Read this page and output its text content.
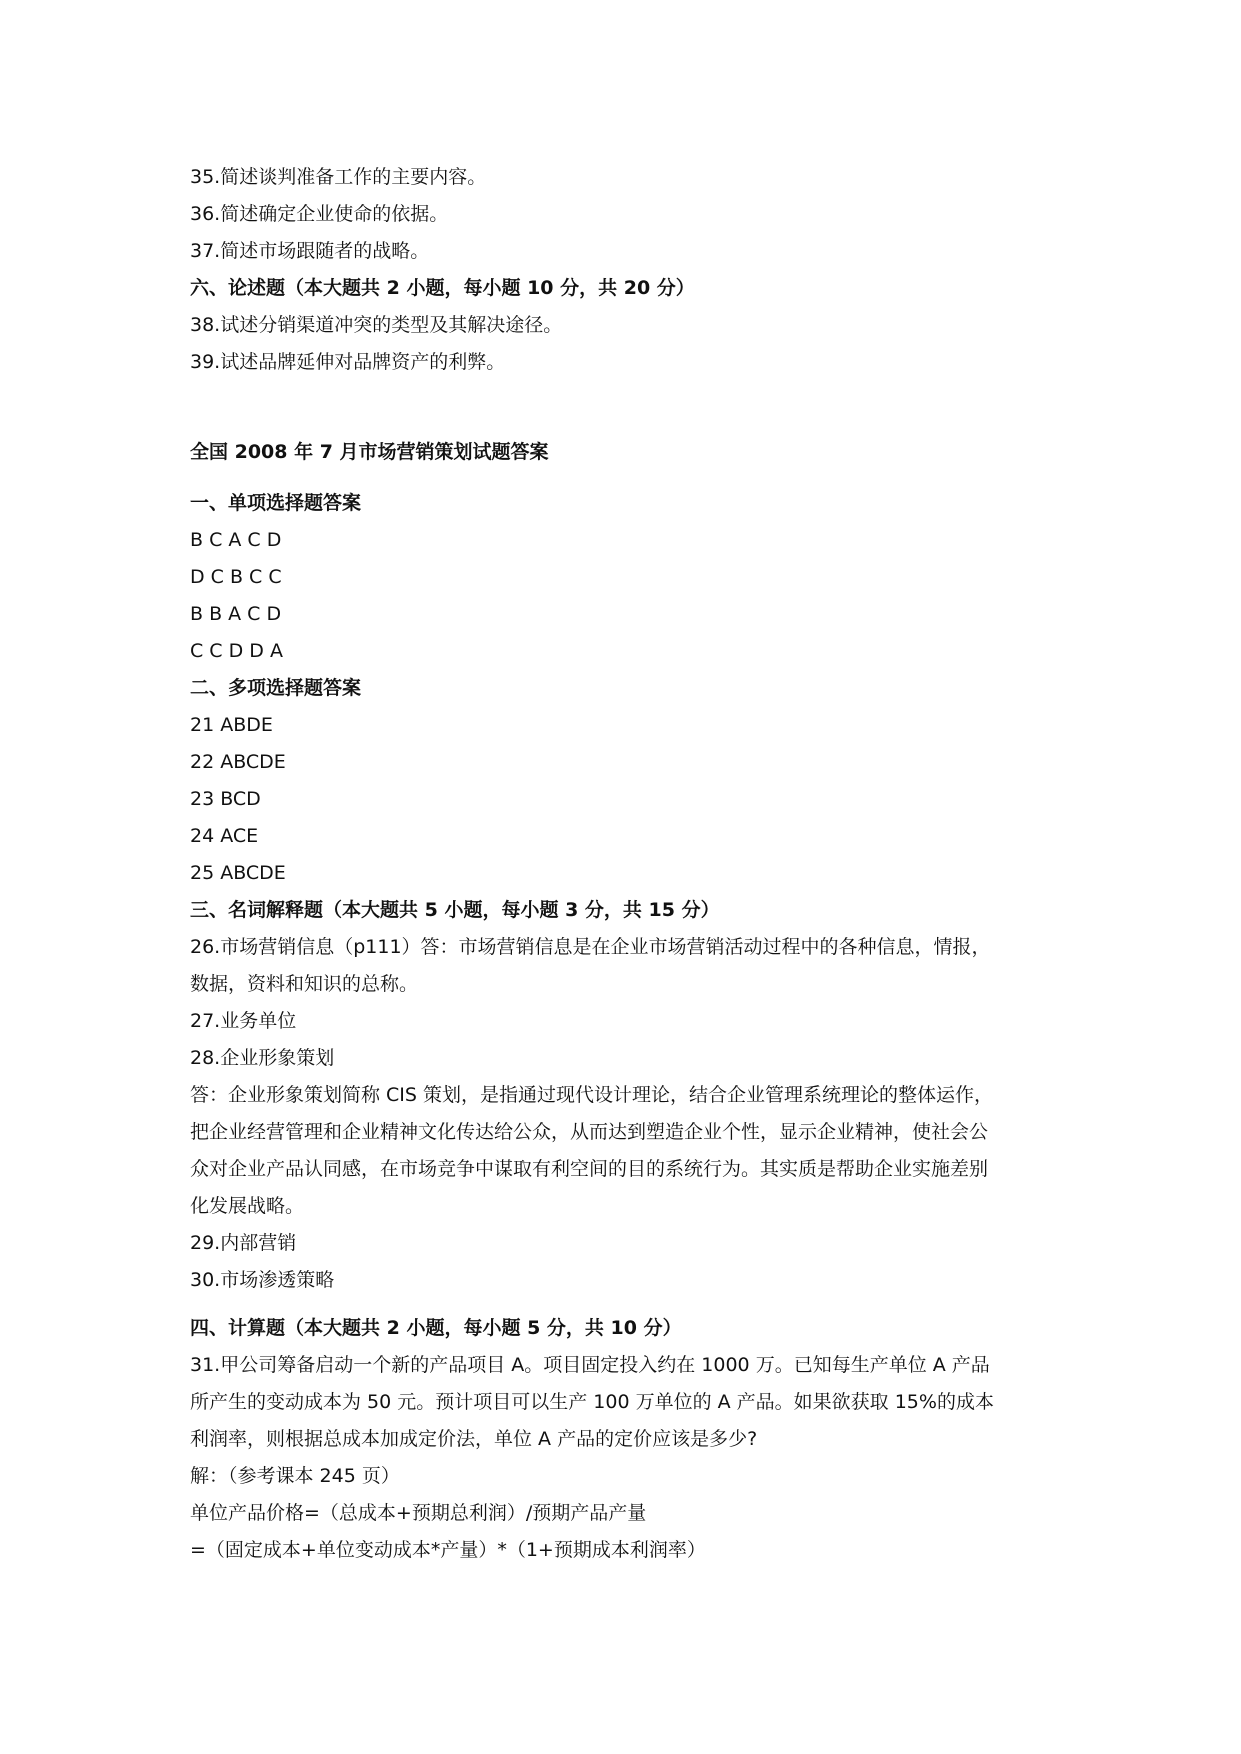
35.简述谈判准备工作的主要内容。
36.简述确定企业使命的依据。
37.简述市场跟随者的战略。
六、论述题（本大题共 2 小题，每小题 10 分，共 20 分）
38.试述分销渠道冲突的类型及其解决途径。
39.试述品牌延伸对品牌资产的利弊。
全国 2008 年 7 月市场营销策划试题答案
一、单项选择题答案
B C A C D
D C B C C
B B A C D
C C D D A
二、多项选择题答案
21 ABDE
22 ABCDE
23 BCD
24 ACE
25 ABCDE
三、名词解释题（本大题共 5 小题，每小题 3 分，共 15 分）
26.市场营销信息（p111）答：市场营销信息是在企业市场营销活动过程中的各种信息，情报，
数据，资料和知识的总称。
27.业务单位
28.企业形象策划
答：企业形象策划简称 CIS 策划，是指通过现代设计理论，结合企业管理系统理论的整体运作，
把企业经营管理和企业精神文化传达给公众，从而达到塑造企业个性，显示企业精神，使社会公
众对企业产品认同感，在市场竞争中谋取有利空间的目的系统行为。其实质是帮助企业实施差别
化发展战略。
29.内部营销
30.市场渗透策略
四、计算题（本大题共 2 小题，每小题 5 分，共 10 分）
31.甲公司筹备启动一个新的产品项目 A。项目固定投入约在 1000 万。已知每生产单位 A 产品
所产生的变动成本为 50 元。预计项目可以生产 100 万单位的 A 产品。如果欲获取 15%的成本
利润率，则根据总成本加成定价法，单位 A 产品的定价应该是多少?
解：（参考课本 245 页）
单位产品价格=（总成本+预期总利润）/预期产品产量
=（固定成本+单位变动成本*产量）*（1+预期成本利润率）
